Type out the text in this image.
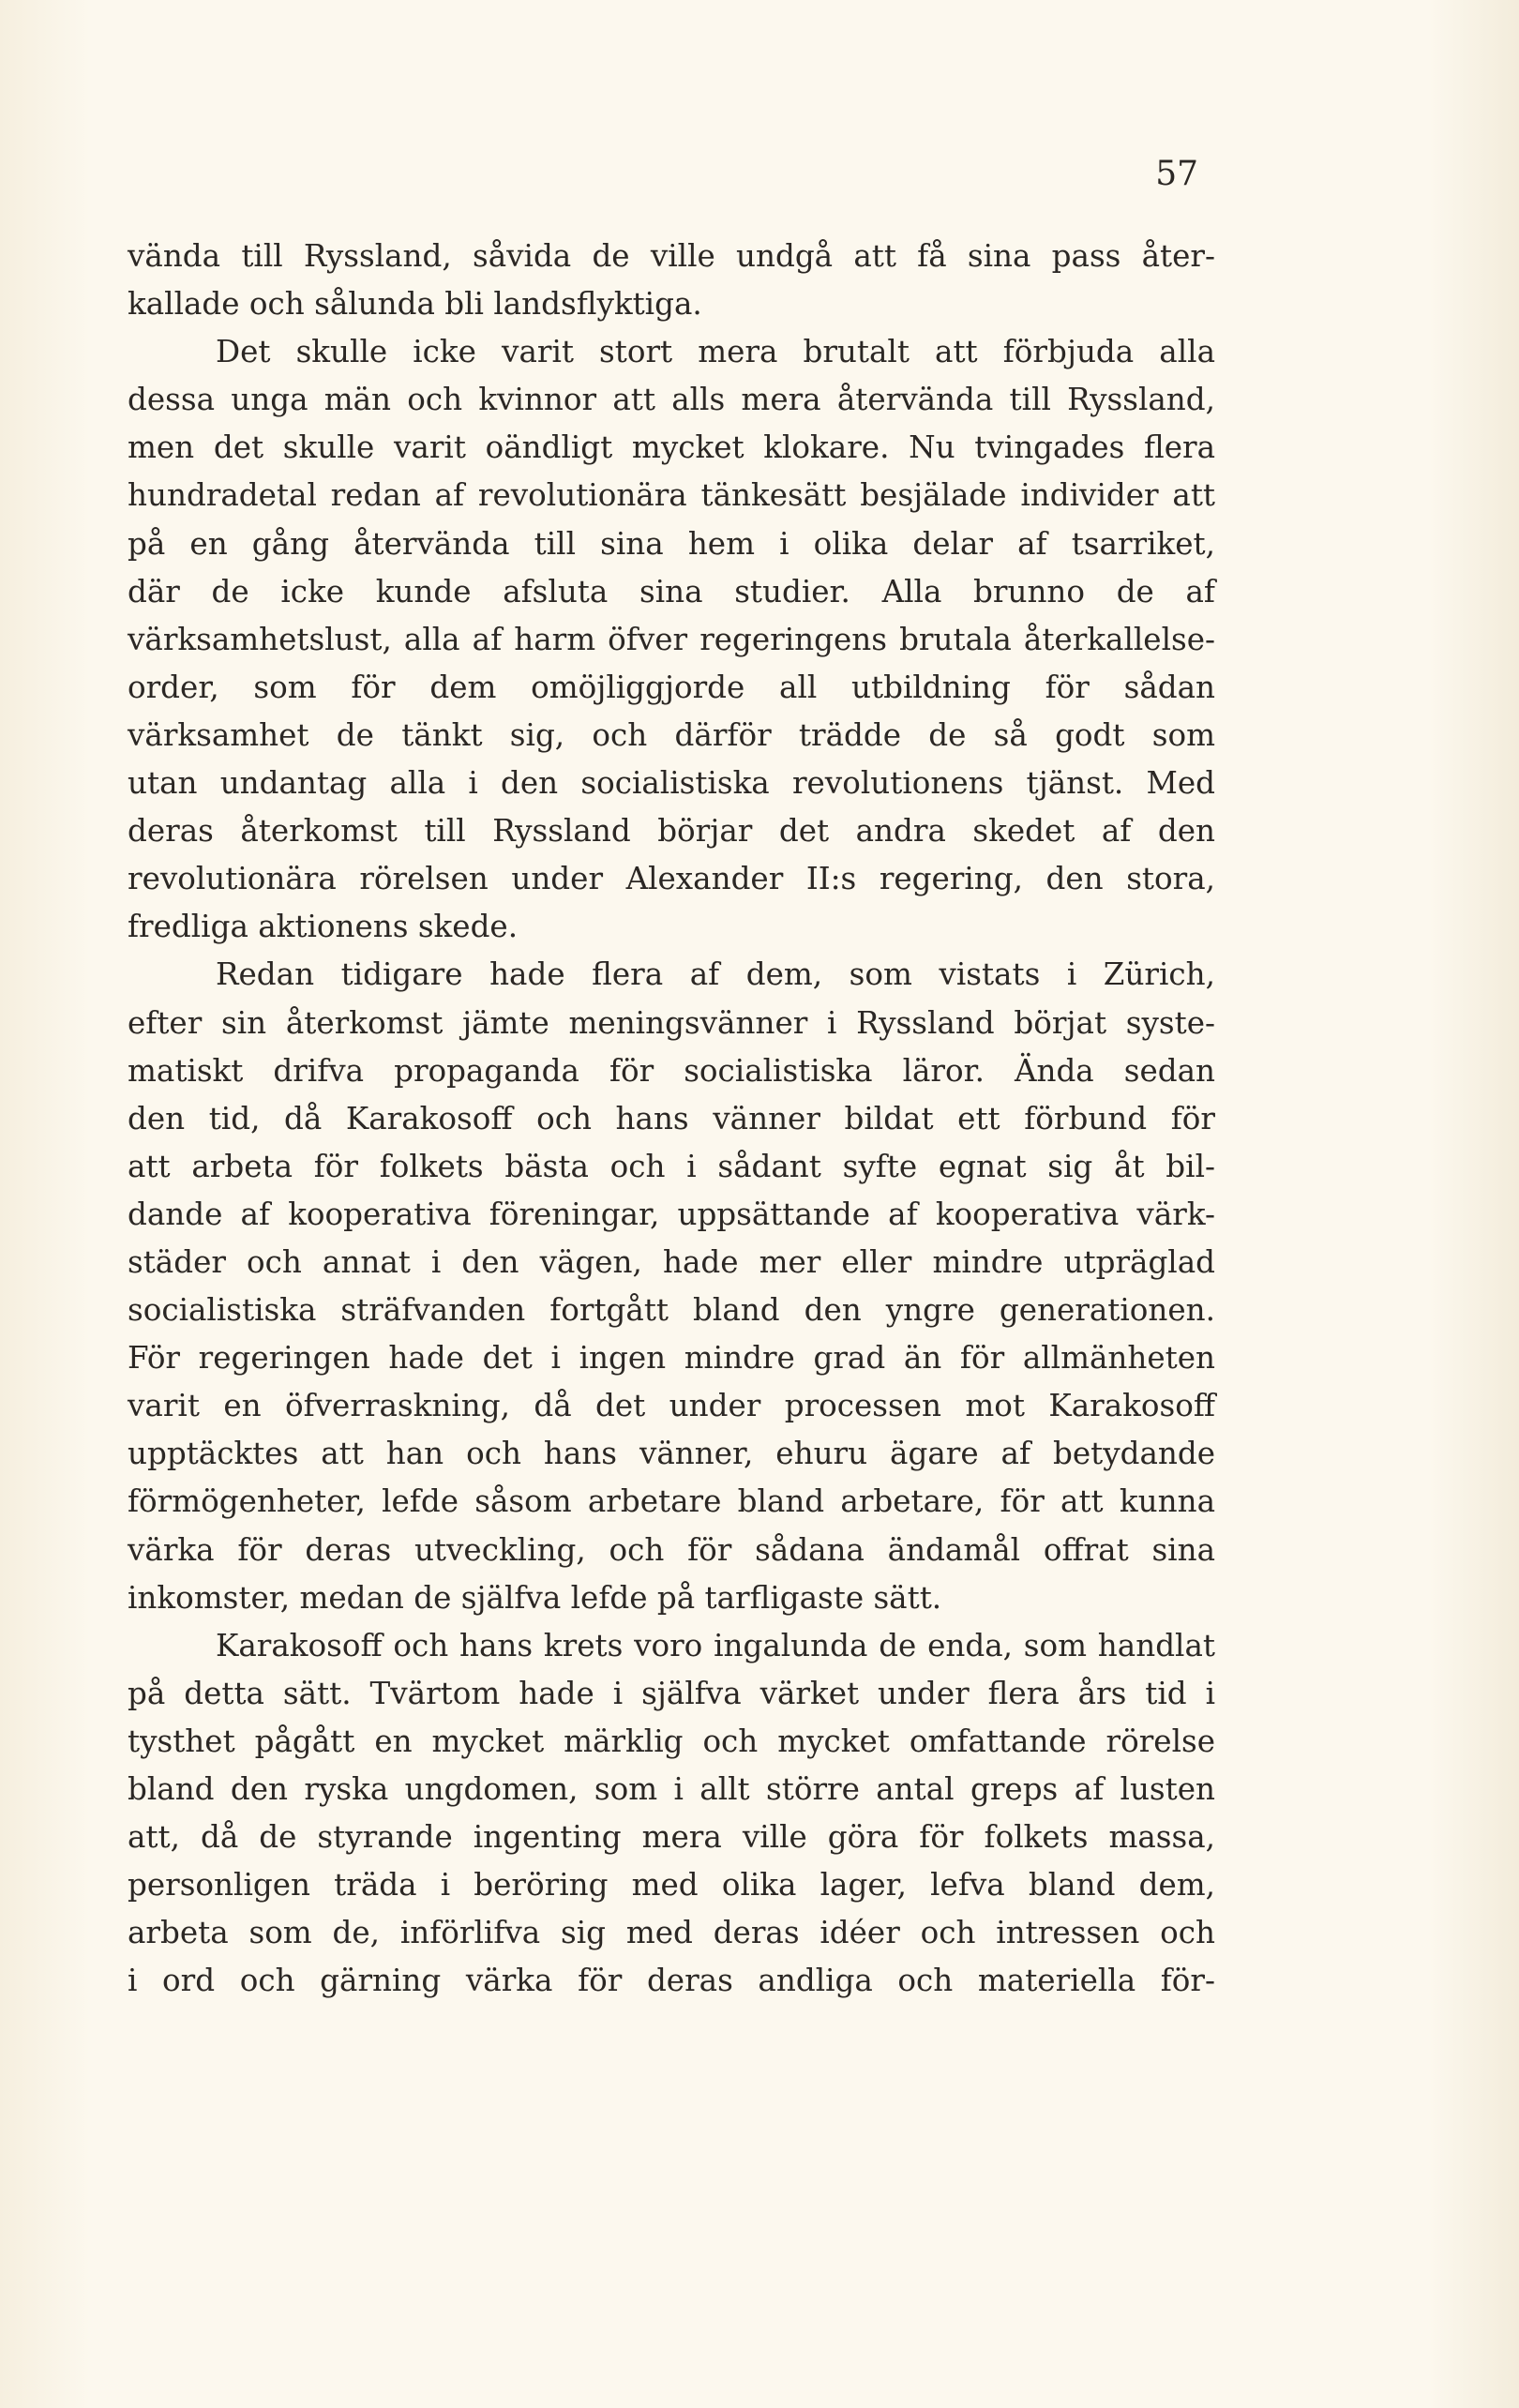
57
vända till Ryssland, såvida de ville undgå att få sina pass åter-
kallade och sålunda bli landsflyktiga.
Det skulle icke varit stort mera brutalt att förbjuda alla
dessa unga män och kvinnor att alls mera återvända till Ryssland,
men det skulle varit oändligt mycket klokare. Nu tvingades flera
hundradetal redan af revolutionära tänkesätt besjälade individer att
på en gång återvända till sina hem i olika delar af tsarriket,
där de icke kunde afsluta sina studier. Alla brunno de af
värksamhetslust, alla af harm öfver regeringens brutala återkallelse-
order, som för dem omöjliggjorde all utbildning för sådan
värksamhet de tänkt sig, och därför trädde de så godt som
utan undantag alla i den socialistiska revolutionens tjänst. Med
deras återkomst till Ryssland börjar det andra skedet af den
revolutionära rörelsen under Alexander II:s regering, den stora,
fredliga aktionens skede.
Redan tidigare hade flera af dem, som vistats i Zürich,
efter sin återkomst jämte meningsvänner i Ryssland börjat syste-
matiskt drifva propaganda för socialistiska läror. Ända sedan
den tid, då Karakosoff och hans vänner bildat ett förbund för
att arbeta för folkets bästa och i sådant syfte egnat sig åt bil-
dande af kooperativa föreningar, uppsättande af kooperativa värk-
städer och annat i den vägen, hade mer eller mindre utpräglad
socialistiska sträfvanden fortgått bland den yngre generationen.
För regeringen hade det i ingen mindre grad än för allmänheten
varit en öfverraskning, då det under processen mot Karakosoff
upptäcktes att han och hans vänner, ehuru ägare af betydande
förmögenheter, lefde såsom arbetare bland arbetare, för att kunna
värka för deras utveckling, och för sådana ändamål offrat sina
inkomster, medan de själfva lefde på tarfligaste sätt.
Karakosoff och hans krets voro ingalunda de enda, som handlat
på detta sätt. Tvärtom hade i själfva värket under flera års tid i
tysthet pågått en mycket märklig och mycket omfattande rörelse
bland den ryska ungdomen, som i allt större antal greps af lusten
att, då de styrande ingenting mera ville göra för folkets massa,
personligen träda i beröring med olika lager, lefva bland dem,
arbeta som de, införlifva sig med deras idéer och intressen och
i ord och gärning värka för deras andliga och materiella för-
